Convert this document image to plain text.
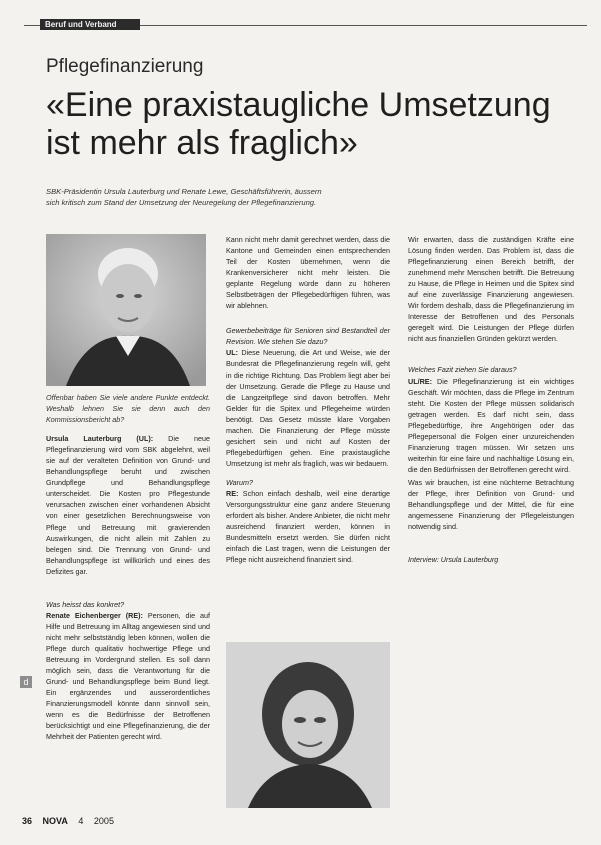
Beruf und Verband
Pflegefinanzierung
«Eine praxistaugliche Umsetzung
ist mehr als fraglich»
SBK-Präsidentin Ursula Lauterburg und Renate Lewe, Geschäftsführerin, äussern
sich kritisch zum Stand der Umsetzung der Neuregelung der Pflegefinanzierung.

Offenbar haben Sie viele andere Punkte entdeckt. Weshalb lehnen Sie sie denn auch den Kommissionsbericht ab?

Ursula Lauterburg (UL): Die neue Pflegefinanzierung wird vom SBK abgelehnt, weil sie auf der veralteten Definition von Grund- und Behandlungspflege beruht und zwischen Grundpflege und Behandlungspflege unterscheidet. Die Kosten pro Pflegestunde verursachen zwischen einer vorhandenen Absicht von einer gesetzlichen Berechnungsweise von Pflege und Betreuung mit gravierenden Auswirkungen, die nicht allein mit Zahlen zu belegen sind. Die Trennung von Grund- und Behandlungspflege ist willkürlich und eines des Defizites gar.

Was heisst das konkret?

Renate Eichenberger (RE): Personen, die auf Hilfe und Betreuung im Alltag angewiesen sind und nicht mehr selbstständig leben können, wollen die Pflege durch qualitativ hochwertige Pflege und Betreuung im Vordergrund stellen. Es soll dann möglich sein, dass die Verantwortung für die Grund- und Behandlungspflege beim Bund liegt. Ein ergänzendes und ausserordentliches Finanzierungsmodell könnte dann sinnvoll sein, wenn es die Bedürfnisse der Betroffenen berücksichtigt und eine Pflegefinanzierung, die der Mehrheit der Patienten gerecht wird.

Kann nicht mehr damit gerechnet werden, dass die Kantone und Gemeinden einen entsprechenden Teil der Kosten übernehmen, wenn die Krankenversicherer nicht mehr leisten. Die geplante Regelung würde dann zu höheren Selbstbeträgen der Pflegebedürftigen führen, was wir ablehnen.

Gewerbebeiträge für Senioren sind Bestandteil der Revision. Wie stehen Sie dazu?

UL: Diese Neuerung, die Art und Weise, wie der Bundesrat die Pflegefinanzierung regeln will, geht in die richtige Richtung. Das Problem liegt aber bei der Umsetzung. Gerade die Pflege zu Hause und die Langzeitpflege sind davon betroffen. Mehr Gelder für die Spitex und Pflegeheime würden benötigt. Das Gesetz müsste klare Vorgaben machen. Die Finanzierung der Pflege müsste gesichert sein und nicht auf Kosten der Pflegebedürftigen gehen. Eine praxistaugliche Umsetzung ist mehr als fraglich, was wir bedauern.

Warum?

RE: Schon einfach deshalb, weil eine derartige Versorgungsstruktur eine ganz andere Steuerung erfordert als bisher. Andere Anbieter, die nicht mehr ausreichend finanziert werden, können in Bundesmitteln ersetzt werden. Sie dürfen nicht einfach die Last tragen, wenn die Leistungen der Pflege nicht ausreichend finanziert sind.

Wir erwarten, dass die zuständigen Kräfte eine Lösung finden werden. Das Problem ist, dass die Pflegefinanzierung einen Bereich betrifft, der zunehmend mehr Menschen betrifft. Die Betreuung zu Hause, die Pflege in Heimen und die Spitex sind auf eine zuverlässige Finanzierung angewiesen. Wir fordern deshalb, dass die Pflegefinanzierung im Interesse der Betroffenen und des Personals geregelt wird. Die Leistungen der Pflege dürfen nicht aus finanziellen Gründen gekürzt werden.

Welches Fazit ziehen Sie daraus?

UL/RE: Die Pflegefinanzierung ist ein wichtiges Geschäft. Wir möchten, dass die Pflege im Zentrum steht. Die Kosten der Pflege müssen solidarisch getragen werden. Es darf nicht sein, dass Pflegebedürftige, ihre Angehörigen oder das Pflegepersonal die Folgen einer unzureichenden Finanzierung tragen müssen. Wir setzen uns weiterhin für eine faire und nachhaltige Lösung ein, die den Bedürfnissen der Betroffenen gerecht wird.

Was wir brauchen, ist eine nüchterne Betrachtung der Pflege, ihrer Definition von Grund- und Behandlungspflege und der Mittel, die für eine angemessene Finanzierung der Pflegeleistungen notwendig sind.

Interview: Ursula Lauterburg

d
36 NOVA 4 2005
